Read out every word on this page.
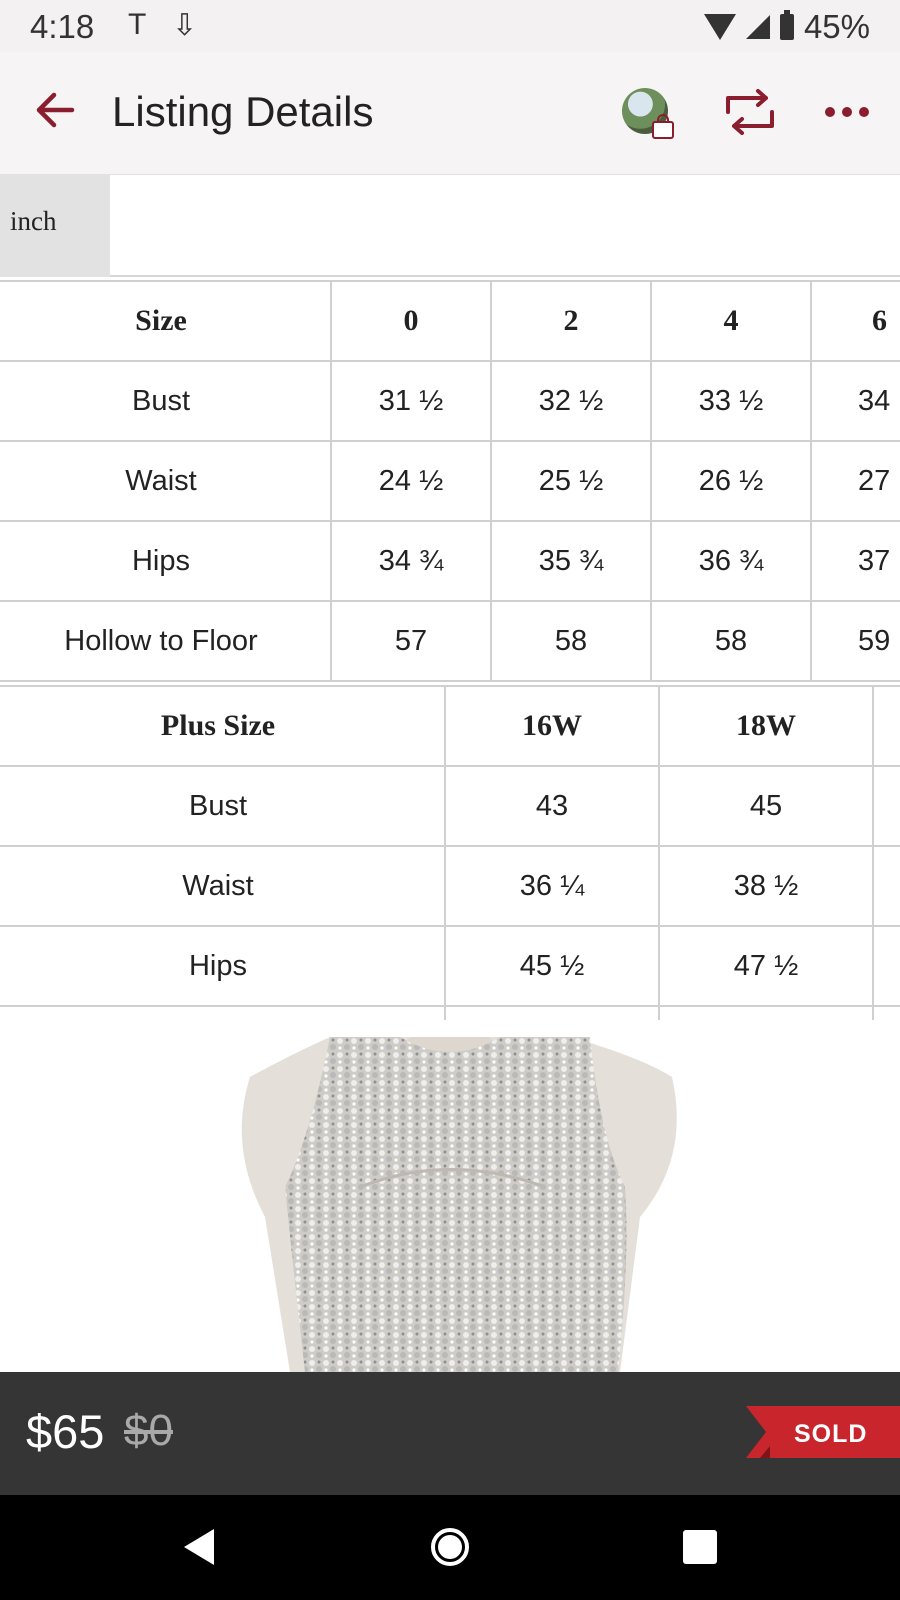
4:18 T ⇩	45%
Listing Details
inch
Size	0	2	4	6
Bust	31 ½	32 ½	33 ½	34
Waist	24 ½	25 ½	26 ½	27
Hips	34 ¾	35 ¾	36 ¾	37
Hollow to Floor	57	58	58	59
Plus Size	16W	18W	
Bust	43	45	
Waist	36 ¼	38 ½	
Hips	45 ½	47 ½	

$65 $0	SOLD
